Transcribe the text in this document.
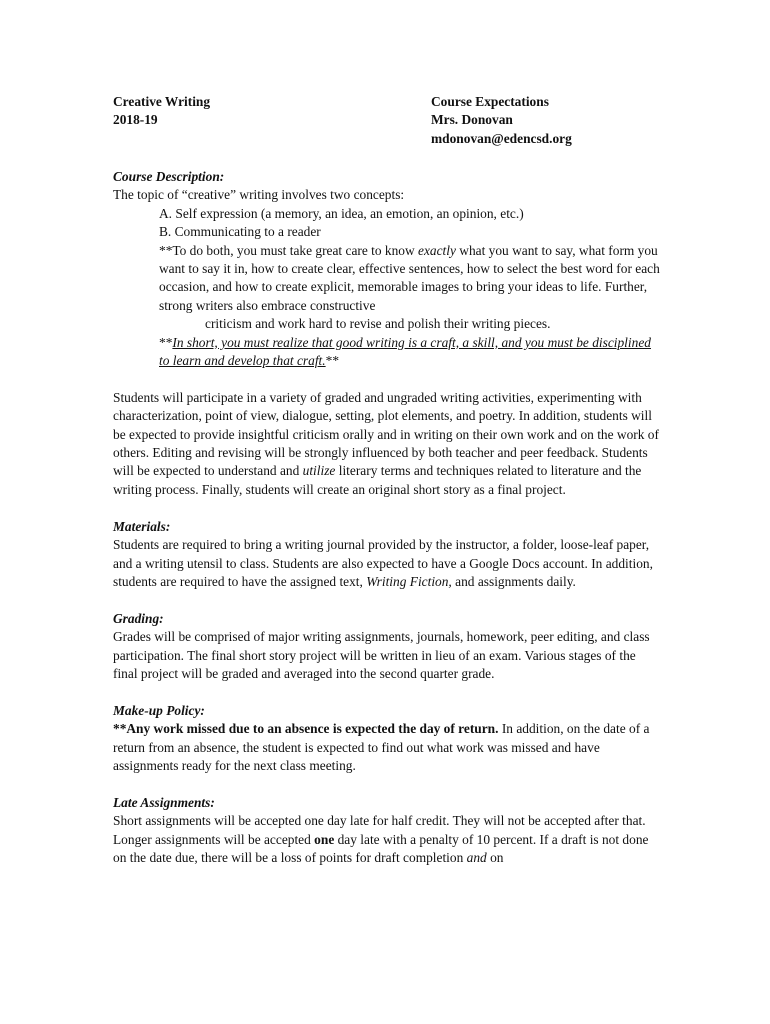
Creative Writing
2018-19
Course Expectations
Mrs. Donovan
mdonovan@edencsd.org

Course Description:

The topic of “creative” writing involves two concepts:

A. Self expression (a memory, an idea, an emotion, an opinion, etc.)

B. Communicating to a reader

**To do both, you must take great care to know exactly what you want to say, what form you want to say it in, how to create clear, effective sentences, how to select the best word for each occasion, and how to create explicit, memorable images to bring your ideas to life. Further, strong writers also embrace constructive

criticism and work hard to revise and polish their writing pieces.

**In short, you must realize that good writing is a craft, a skill, and you must be disciplined to learn and develop that craft.**

Students will participate in a variety of graded and ungraded writing activities, experimenting with characterization, point of view, dialogue, setting, plot elements, and poetry. In addition, students will be expected to provide insightful criticism orally and in writing on their own work and on the work of others. Editing and revising will be strongly influenced by both teacher and peer feedback. Students will be expected to understand and utilize literary terms and techniques related to literature and the writing process. Finally, students will create an original short story as a final project.

Materials:

Students are required to bring a writing journal provided by the instructor, a folder, loose-leaf paper, and a writing utensil to class. Students are also expected to have a Google Docs account. In addition, students are required to have the assigned text, Writing Fiction, and assignments daily.

Grading:

Grades will be comprised of major writing assignments, journals, homework, peer editing, and class participation. The final short story project will be written in lieu of an exam. Various stages of the final project will be graded and averaged into the second quarter grade.

Make-up Policy:

**Any work missed due to an absence is expected the day of return. In addition, on the date of a return from an absence, the student is expected to find out what work was missed and have assignments ready for the next class meeting.

Late Assignments:

Short assignments will be accepted one day late for half credit. They will not be accepted after that. Longer assignments will be accepted one day late with a penalty of 10 percent. If a draft is not done on the date due, there will be a loss of points for draft completion and on
